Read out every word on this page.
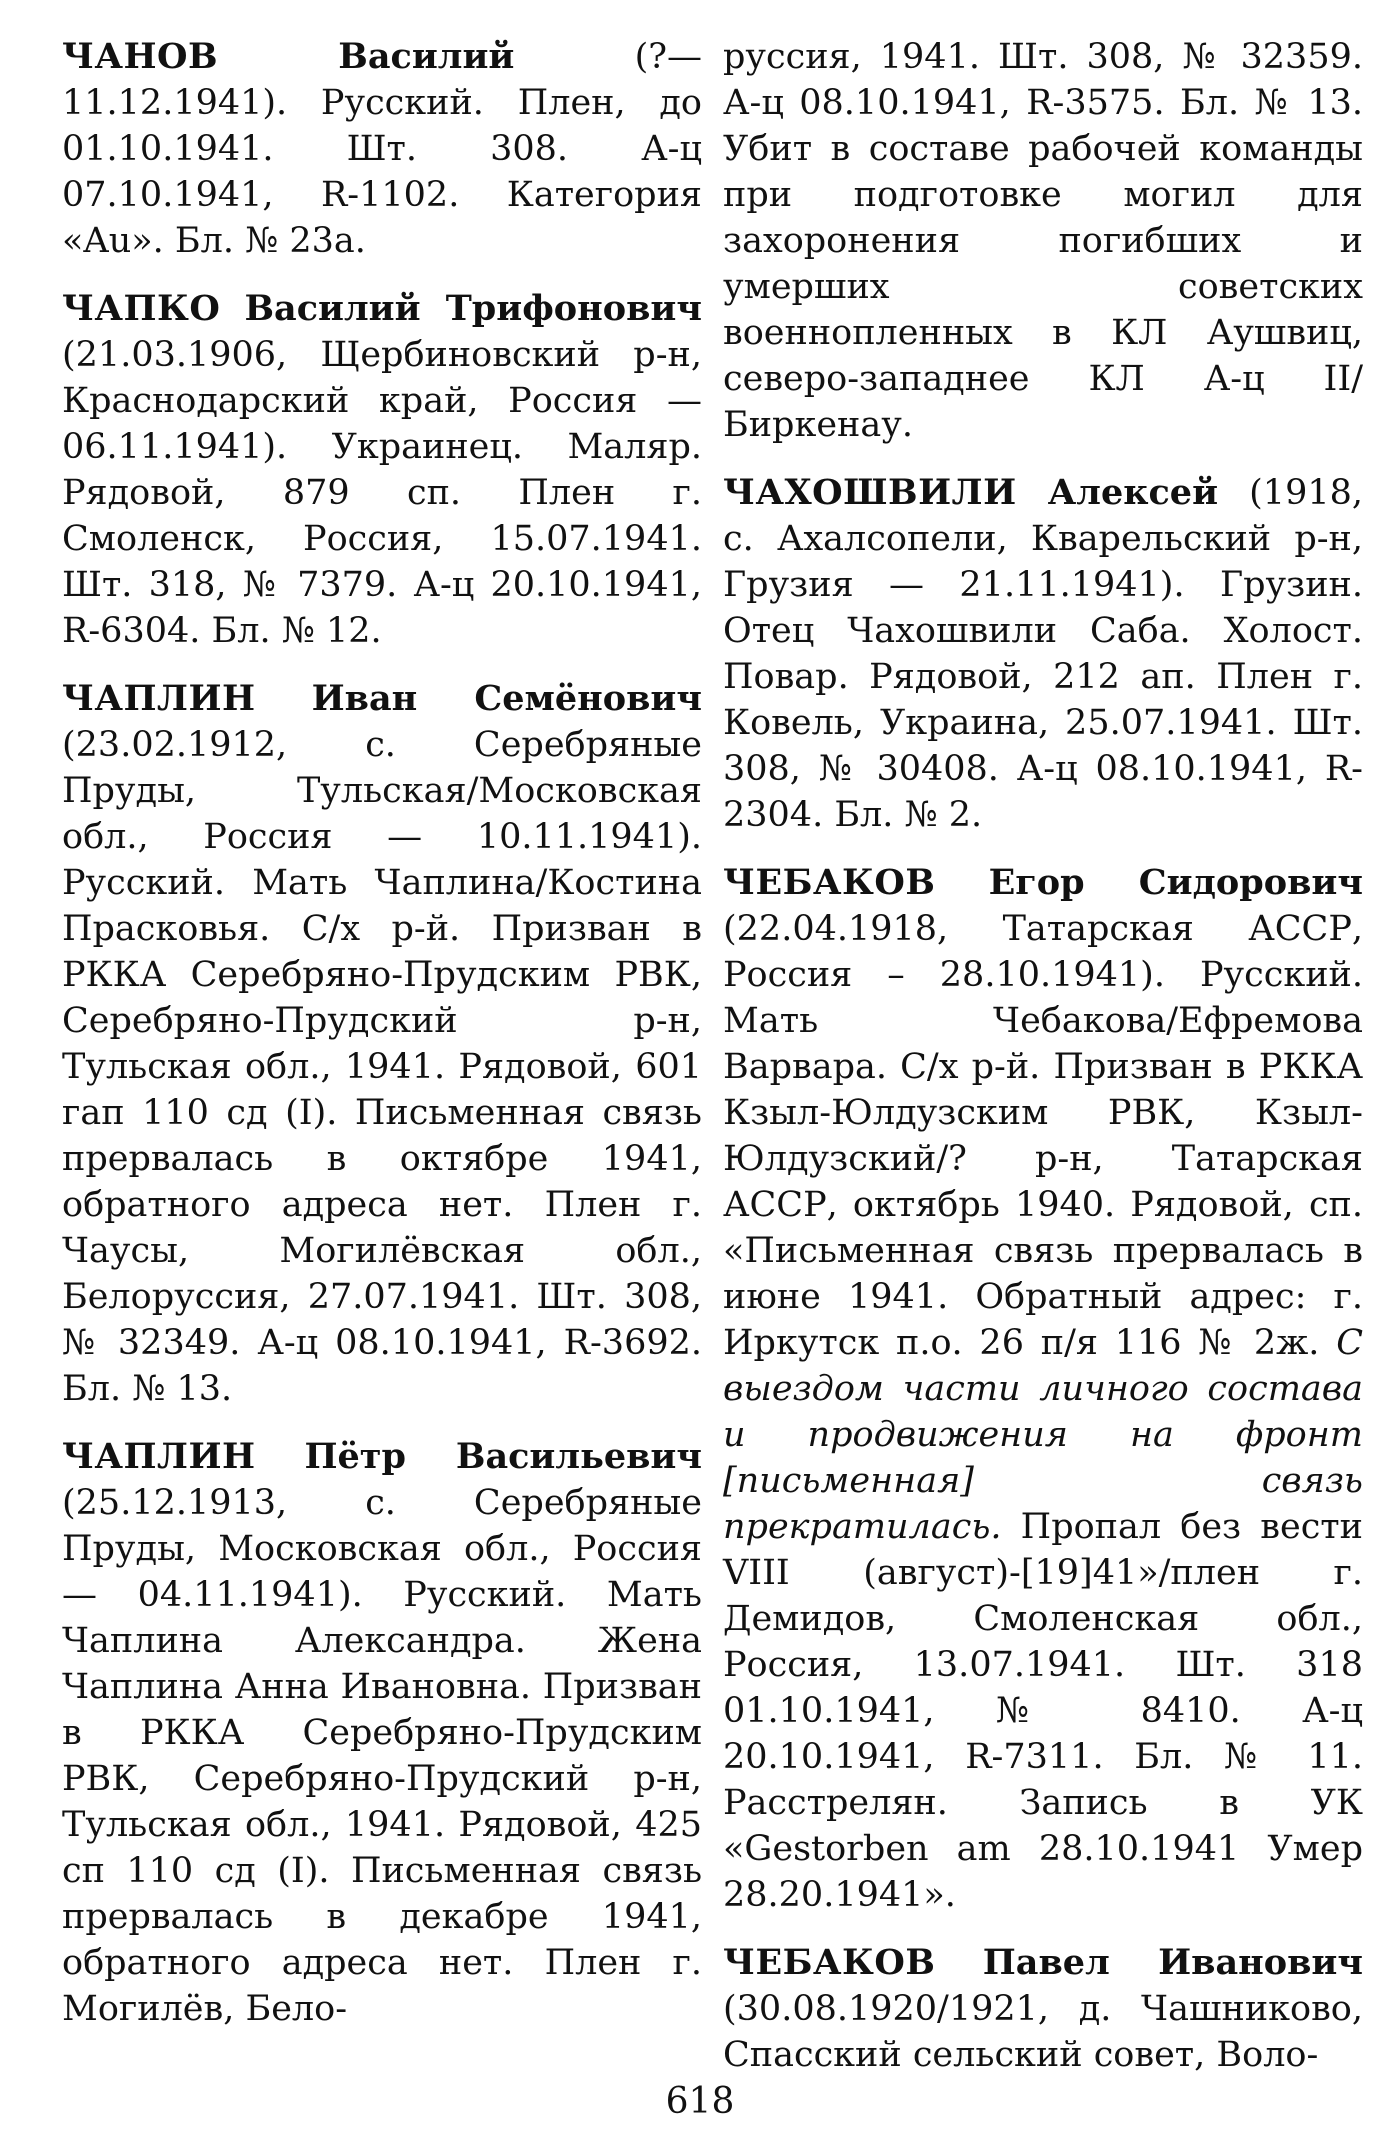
ЧАНОВ	Василий	(?—11.12.1941). Русский. Плен, до 01.10.1941. Шт. 308. А-ц 07.10.1941, R-1102. Категория «Au». Бл. № 23а.

ЧАПКО Василий Трифонович (21.03.1906, Щербиновский р-н, Краснодарский край, Россия — 06.11.1941). Украинец. Маляр. Рядовой, 879 сп. Плен г. Смоленск, Россия, 15.07.1941. Шт. 318, № 7379. А-ц 20.10.1941, R-6304. Бл. № 12.

ЧАПЛИН Иван Семёнович (23.02.1912, с. Серебряные Пруды, Тульская/Московская обл., Россия — 10.11.1941). Русский. Мать Чаплина/Костина Прасковья. С/х р-й. Призван в РККА Серебряно-Прудским РВК, Серебряно-Прудский р-н, Тульская обл., 1941. Рядовой, 601 гап 110 сд (I). Письменная связь прервалась в октябре 1941, обратного адреса нет. Плен г. Чаусы, Могилёвская обл., Белоруссия, 27.07.1941. Шт. 308, № 32349. А-ц 08.10.1941, R-3692. Бл. № 13.

ЧАПЛИН Пётр Васильевич (25.12.1913, с. Серебряные Пруды, Московская обл., Россия — 04.11.1941). Русский. Мать Чаплина Александра. Жена Чаплина Анна Ивановна. Призван в РККА Серебряно-Прудским РВК, Серебряно-Прудский р-н, Тульская обл., 1941. Рядовой, 425 сп 110 сд (I). Письменная связь прервалась в декабре 1941, обратного адреса нет. Плен г. Могилёв, Бело-

руссия, 1941. Шт. 308, № 32359. А-ц 08.10.1941, R-3575. Бл. № 13. Убит в составе рабочей команды при подготовке могил для захоронения погибших и умерших советских военнопленных в КЛ Аушвиц, северо-западнее КЛ А-ц II/Биркенау.

ЧАХОШВИЛИ Алексей (1918, с. Ахалсопели, Кварельский р-н, Грузия — 21.11.1941). Грузин. Отец Чахошвили Саба. Холост. Повар. Рядовой, 212 ап. Плен г. Ковель, Украина, 25.07.1941. Шт. 308, № 30408. А-ц 08.10.1941, R-2304. Бл. № 2.

ЧЕБАКОВ Егор Сидорович (22.04.1918, Татарская АССР, Россия – 28.10.1941). Русский. Мать Чебакова/Ефремова Варвара. С/х р-й. Призван в РККА Кзыл-Юлдузским РВК, Кзыл-Юлдузский/? р-н, Татарская АССР, октябрь 1940. Рядовой, сп. «Письменная связь прервалась в июне 1941. Обратный адрес: г. Иркутск п.о. 26 п/я 116 № 2ж. С выездом части личного состава и продвижения на фронт [письменная] связь прекратилась. Пропал без вести VIII (август)-[19]41»/плен г. Демидов, Смоленская обл., Россия, 13.07.1941. Шт. 318 01.10.1941, № 8410. А-ц 20.10.1941, R-7311. Бл. № 11. Расстрелян. Запись в УК «Gestorben am 28.10.1941 Умер 28.20.1941».

ЧЕБАКОВ Павел Иванович (30.08.1920/1921, д. Чашниково, Спасский сельский совет, Воло-

618
